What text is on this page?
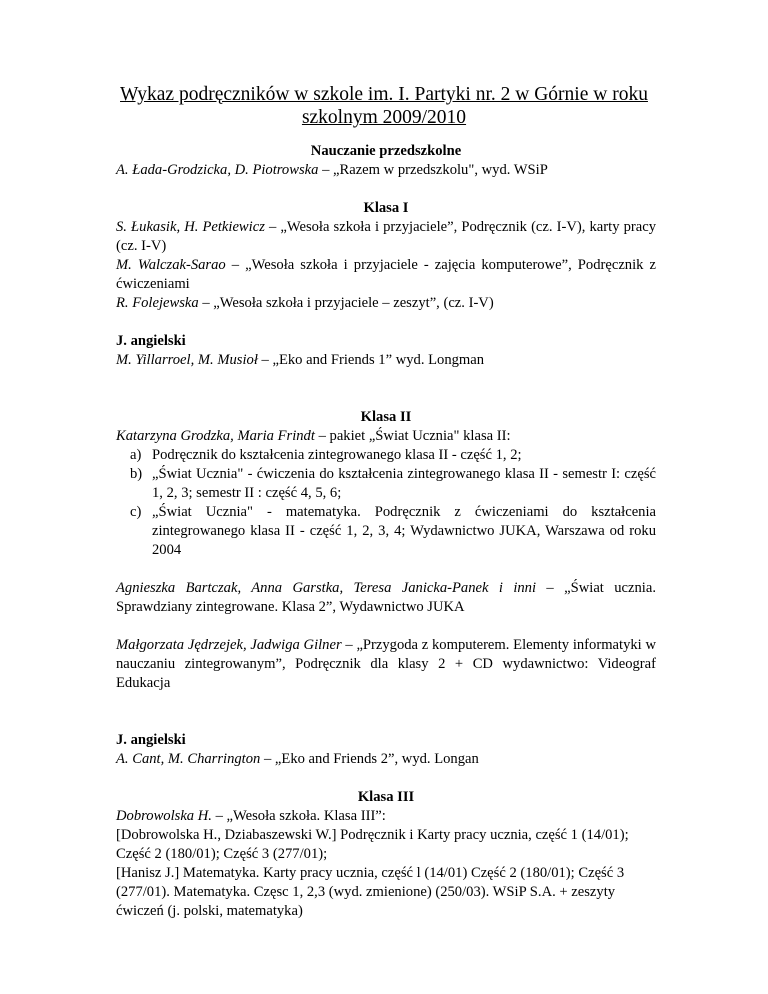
Wykaz podręczników w szkole im. I. Partyki nr. 2 w Górnie w roku szkolnym 2009/2010

Nauczanie przedszkolne

A. Łada-Grodzicka, D. Piotrowska – „Razem w przedszkolu", wyd. WSiP

Klasa I

S. Łukasik, H. Petkiewicz – „Wesoła szkoła i przyjaciele”, Podręcznik (cz. I-V), karty pracy (cz. I-V)

M. Walczak-Sarao – „Wesoła szkoła i przyjaciele - zajęcia komputerowe”, Podręcznik z ćwiczeniami

R. Folejewska – „Wesoła szkoła i przyjaciele – zeszyt”, (cz. I-V)

J. angielski

M. Yillarroel, M. Musioł – „Eko and Friends 1” wyd. Longman

Klasa II

Katarzyna Grodzka, Maria Frindt – pakiet „Świat Ucznia" klasa II:

a) Podręcznik do kształcenia zintegrowanego klasa II - część 1, 2;
b) „Świat Ucznia" - ćwiczenia do kształcenia zintegrowanego klasa II - semestr I: część 1, 2, 3; semestr II : część 4, 5, 6;
c) „Świat Ucznia" - matematyka. Podręcznik z ćwiczeniami do kształcenia zintegrowanego klasa II - część 1, 2, 3, 4; Wydawnictwo JUKA, Warszawa od roku 2004

Agnieszka Bartczak, Anna Garstka, Teresa Janicka-Panek i inni – „Świat ucznia. Sprawdziany zintegrowane. Klasa 2”, Wydawnictwo JUKA

Małgorzata Jędrzejek, Jadwiga Gilner – „Przygoda z komputerem. Elementy informatyki w nauczaniu zintegrowanym”, Podręcznik dla klasy 2 + CD wydawnictwo: Videograf Edukacja

J. angielski

A. Cant, M. Charrington – „Eko and Friends 2”, wyd. Longan

Klasa III

Dobrowolska H. – „Wesoła szkoła. Klasa III”:

[Dobrowolska H., Dziabaszewski W.] Podręcznik i Karty pracy ucznia, część 1 (14/01); Część 2 (180/01); Część 3 (277/01);

[Hanisz J.] Matematyka. Karty pracy ucznia, część l (14/01) Część 2 (180/01); Część 3 (277/01). Matematyka. Częsc 1, 2,3 (wyd. zmienione) (250/03). WSiP S.A. + zeszyty ćwiczeń (j. polski, matematyka)
